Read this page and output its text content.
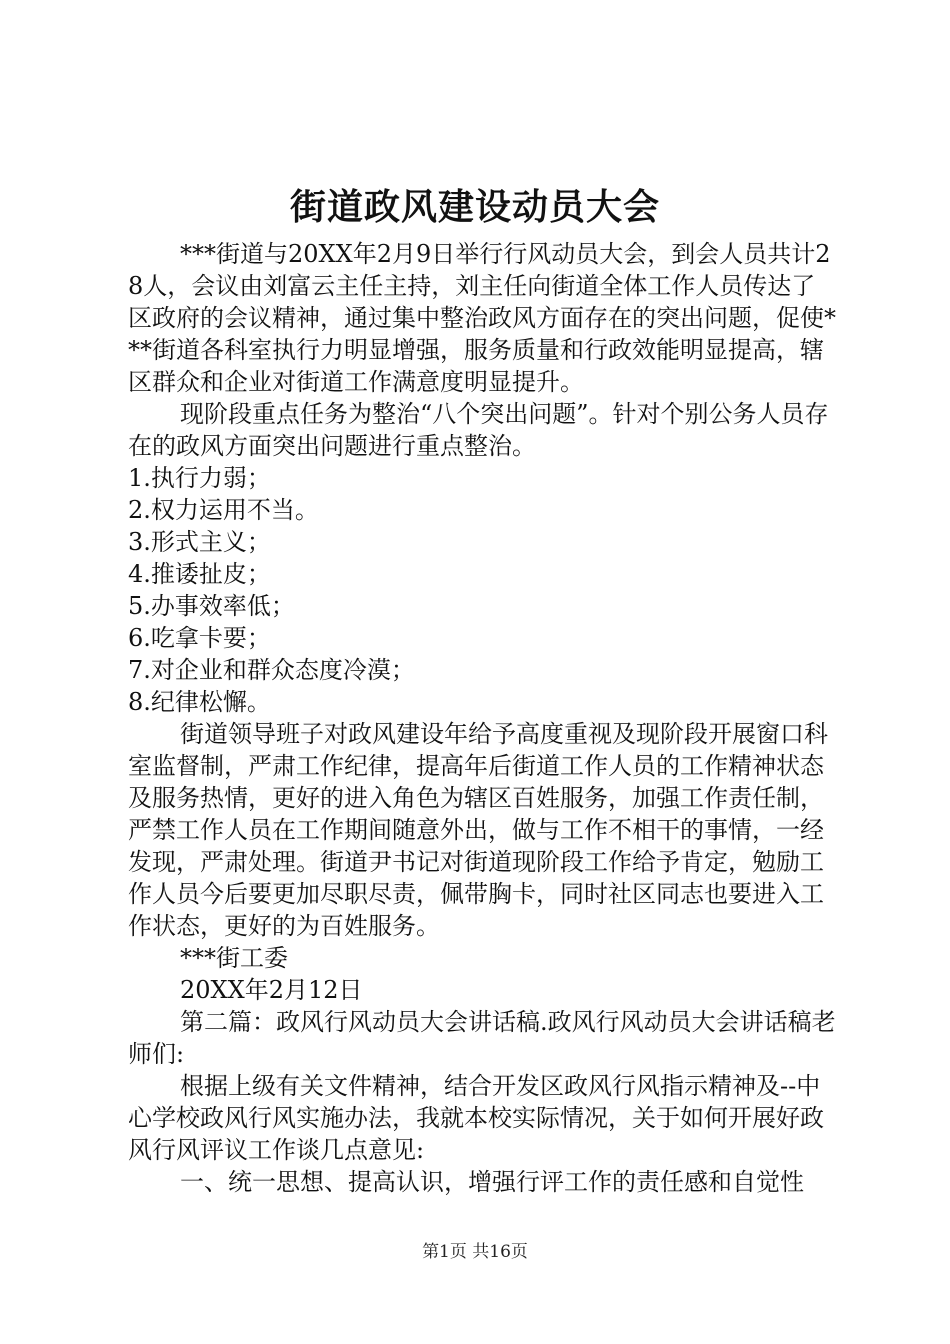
街道政风建设动员大会

***街道与20XX年2月9日举行行风动员大会，到会人员共计28人，会议由刘富云主任主持，刘主任向街道全体工作人员传达了区政府的会议精神，通过集中整治政风方面存在的突出问题，促使***街道各科室执行力明显增强，服务质量和行政效能明显提高，辖区群众和企业对街道工作满意度明显提升。

现阶段重点任务为整治“八个突出问题”。针对个别公务人员存在的政风方面突出问题进行重点整治。

1.执行力弱；

2.权力运用不当。

3.形式主义；

4.推诿扯皮；

5.办事效率低；

6.吃拿卡要；

7.对企业和群众态度冷漠；

8.纪律松懈。

街道领导班子对政风建设年给予高度重视及现阶段开展窗口科室监督制，严肃工作纪律，提高年后街道工作人员的工作精神状态及服务热情，更好的进入角色为辖区百姓服务，加强工作责任制，严禁工作人员在工作期间随意外出，做与工作不相干的事情，一经发现，严肃处理。街道尹书记对街道现阶段工作给予肯定，勉励工作人员今后要更加尽职尽责，佩带胸卡，同时社区同志也要进入工作状态，更好的为百姓服务。

***街工委

20XX年2月12日

第二篇：政风行风动员大会讲话稿.政风行风动员大会讲话稿老师们:

根据上级有关文件精神，结合开发区政风行风指示精神及--中心学校政风行风实施办法，我就本校实际情况，关于如何开展好政风行风评议工作谈几点意见:

一、统一思想、提高认识，增强行评工作的责任感和自觉性

第1页 共16页
